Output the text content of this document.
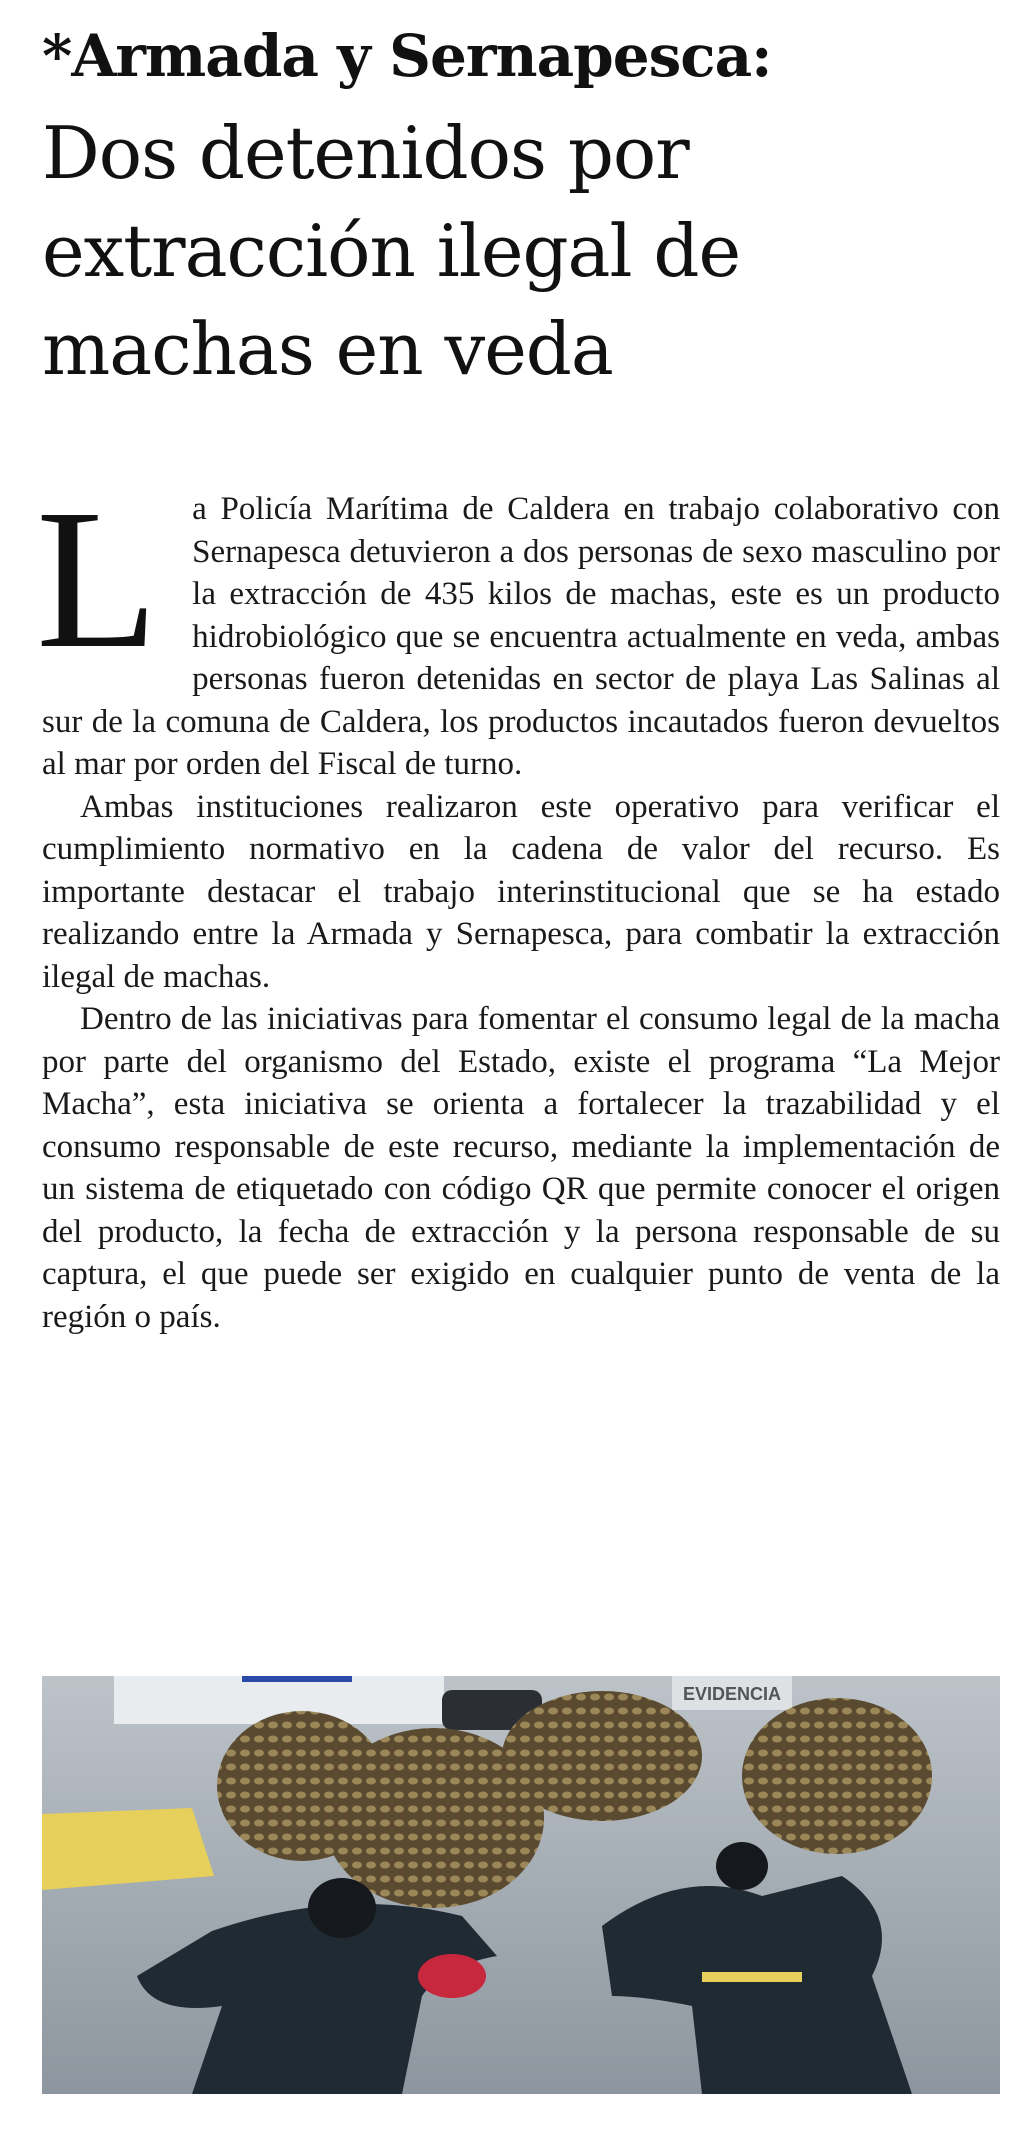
*Armada y Sernapesca:
Dos detenidos por extracción ilegal de machas en veda

L a Policía Marítima de Caldera en trabajo colaborativo con Sernapesca detuvieron a dos personas de sexo masculino por la extracción de 435 kilos de machas, este es un producto hidrobiológico que se encuentra actualmente en veda, ambas personas fueron detenidas en sector de playa Las Salinas al sur de la comuna de Caldera, los productos incautados fueron devueltos al mar por orden del Fiscal de turno.

Ambas instituciones realizaron este operativo para verificar el cumplimiento normativo en la cadena de valor del recurso. Es importante destacar el trabajo interinstitucional que se ha estado realizando entre la Armada y Sernapesca, para combatir la extracción ilegal de machas.

Dentro de las iniciativas para fomentar el consumo legal de la macha por parte del organismo del Estado, existe el programa “La Mejor Macha”, esta iniciativa se orienta a fortalecer la trazabilidad y el consumo responsable de este recurso, mediante la implementación de un sistema de etiquetado con código QR que permite conocer el origen del producto, la fecha de extracción y la persona responsable de su captura, el que puede ser exigido en cualquier punto de venta de la región o país.

EVIDENCIA
